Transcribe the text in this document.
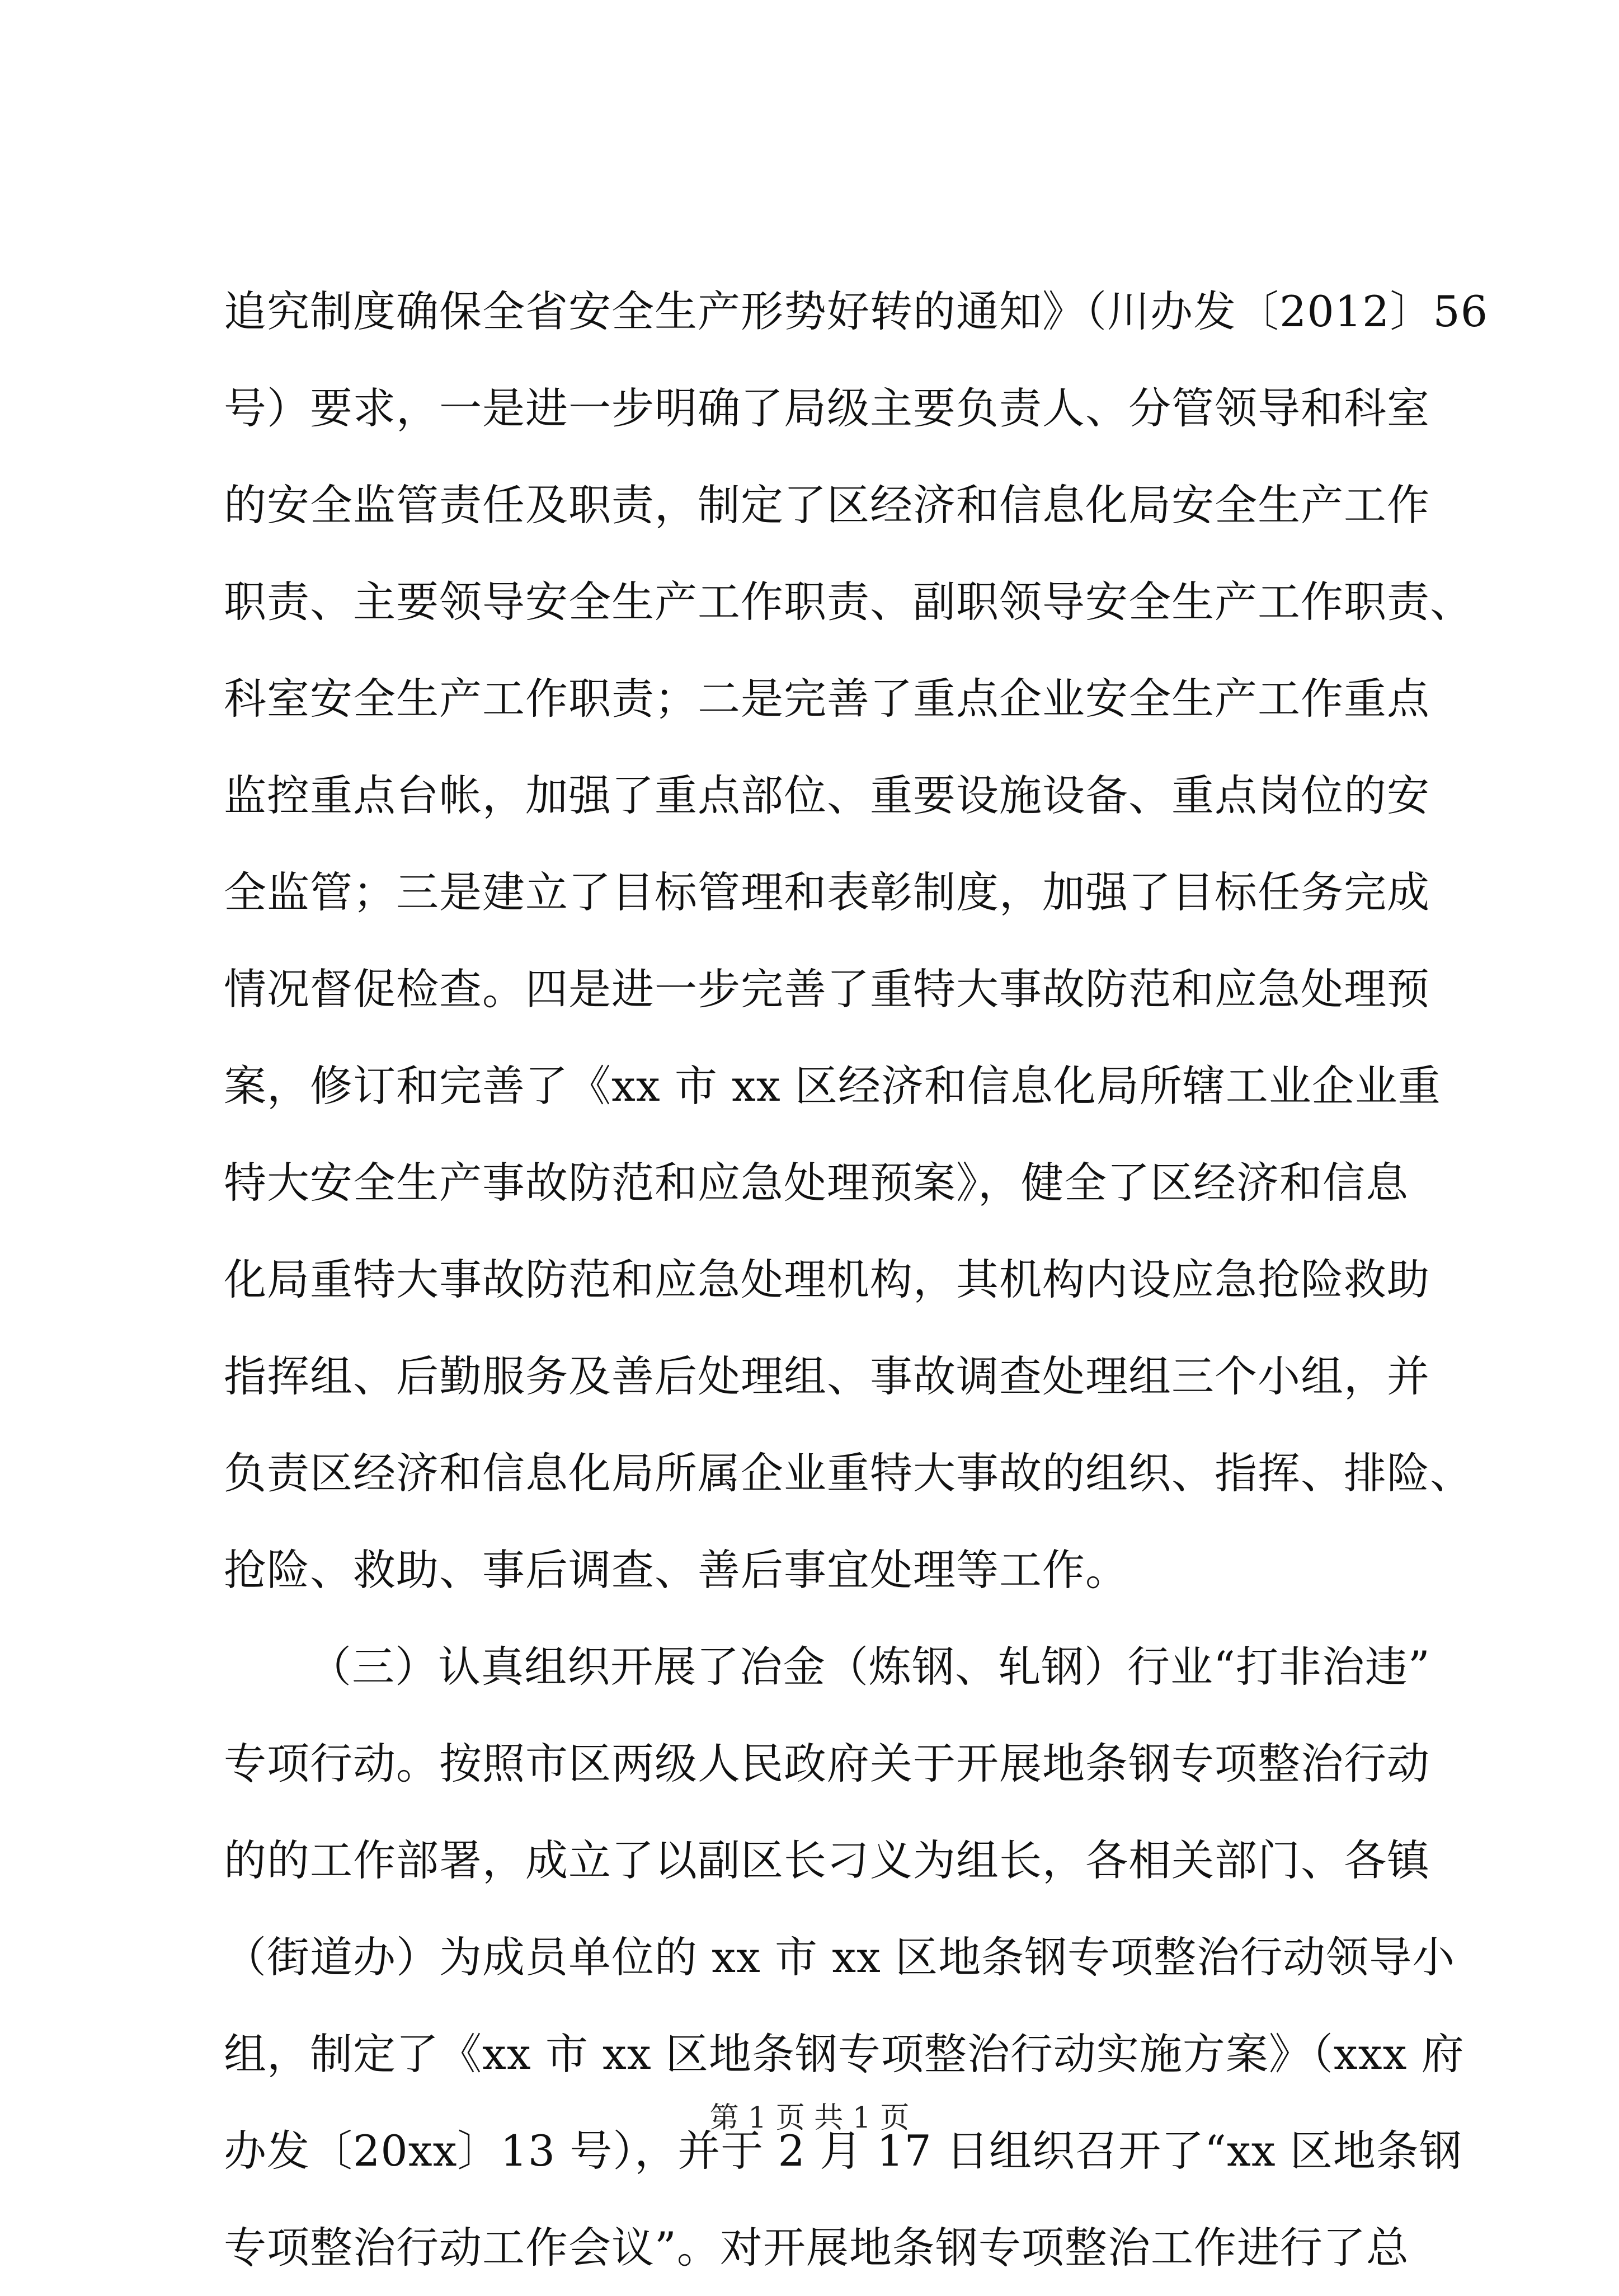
追究制度确保全省安全生产形势好转的通知》（川办发〔2012〕56
号）要求，一是进一步明确了局级主要负责人、分管领导和科室
的安全监管责任及职责，制定了区经济和信息化局安全生产工作
职责、主要领导安全生产工作职责、副职领导安全生产工作职责、
科室安全生产工作职责；二是完善了重点企业安全生产工作重点
监控重点台帐，加强了重点部位、重要设施设备、重点岗位的安
全监管；三是建立了目标管理和表彰制度，加强了目标任务完成
情况督促检查。四是进一步完善了重特大事故防范和应急处理预
案，修订和完善了《xx 市 xx 区经济和信息化局所辖工业企业重
特大安全生产事故防范和应急处理预案》，健全了区经济和信息
化局重特大事故防范和应急处理机构，其机构内设应急抢险救助
指挥组、后勤服务及善后处理组、事故调查处理组三个小组，并
负责区经济和信息化局所属企业重特大事故的组织、指挥、排险、
抢险、救助、事后调查、善后事宜处理等工作。
（三）认真组织开展了冶金（炼钢、轧钢）行业“打非治违”
专项行动。按照市区两级人民政府关于开展地条钢专项整治行动
的的工作部署，成立了以副区长刁义为组长，各相关部门、各镇
（街道办）为成员单位的 xx 市 xx 区地条钢专项整治行动领导小
组，制定了《xx 市 xx 区地条钢专项整治行动实施方案》（xxx 府
办发〔20xx〕13 号），并于 2 月 17 日组织召开了“xx 区地条钢
专项整治行动工作会议”。对开展地条钢专项整治工作进行了总
第 1 页 共 1 页
